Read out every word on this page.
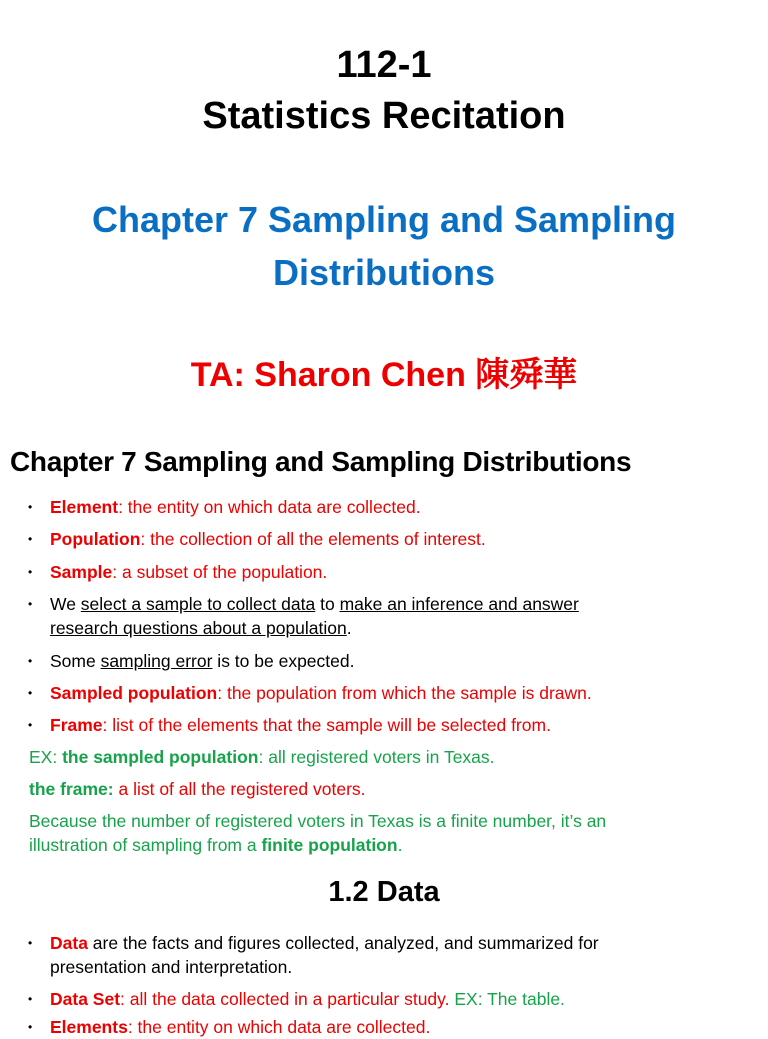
112-1
Statistics Recitation
Chapter 7 Sampling and Sampling
Distributions
TA: Sharon Chen 陳舜華
Chapter 7 Sampling and Sampling Distributions
• Element: the entity on which data are collected.
• Population: the collection of all the elements of interest.
• Sample: a subset of the population.
• We select a sample to collect data to make an inference and answer
research questions about a population.
• Some sampling error is to be expected.
• Sampled population: the population from which the sample is drawn.
• Frame: list of the elements that the sample will be selected from.
EX: the sampled population: all registered voters in Texas.
the frame: a list of all the registered voters.
Because the number of registered voters in Texas is a finite number, it’s an
illustration of sampling from a finite population.
1.2 Data
• Data are the facts and figures collected, analyzed, and summarized for
presentation and interpretation.
• Data Set: all the data collected in a particular study. EX: The table.
• Elements: the entity on which data are collected.
